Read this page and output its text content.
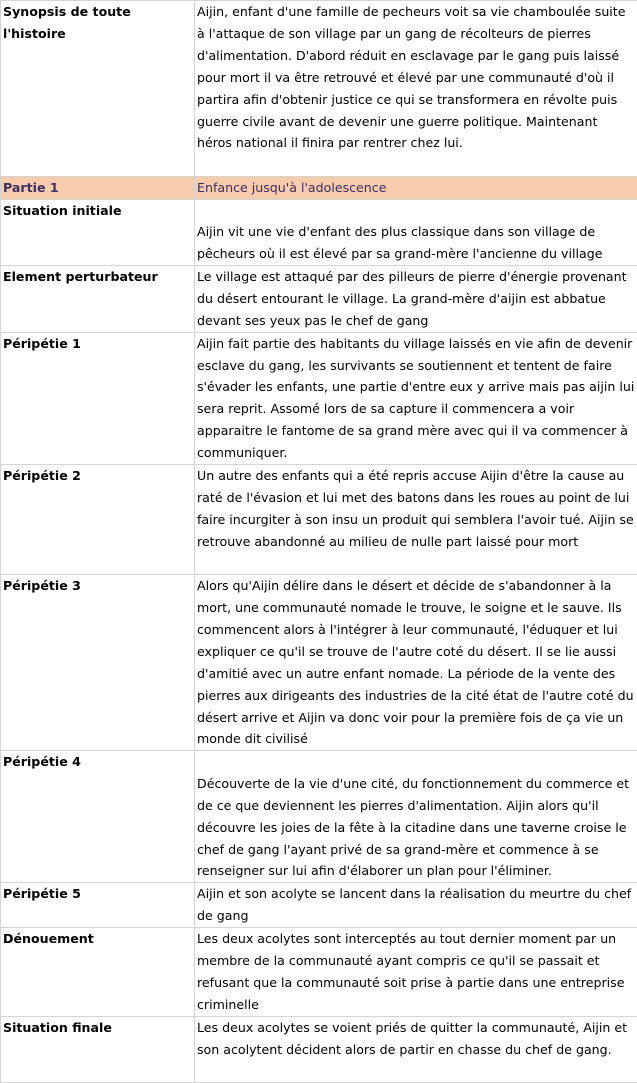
Synopsis de toute l'histoire	Aijin, enfant d'une famille de pecheurs voit sa vie chamboulée suite à l'attaque de son village par un gang de récolteurs de pierres d'alimentation. D'abord réduit en esclavage par le gang puis laissé pour mort il va être retrouvé et élevé par une communauté d'où il partira afin d'obtenir justice ce qui se transformera en révolte puis guerre civile avant de devenir une guerre politique. Maintenant héros national il finira par rentrer chez lui.
Partie 1	Enfance jusqu'à l'adolescence
Situation initiale	Aijin vit une vie d'enfant des plus classique dans son village de pêcheurs où il est élevé par sa grand-mère l'ancienne du village
Element perturbateur	Le village est attaqué par des pilleurs de pierre d'énergie provenant du désert entourant le village. La grand-mère d'aijin est abbatue devant ses yeux pas le chef de gang
Péripétie 1	Aijin fait partie des habitants du village laissés en vie afin de devenir esclave du gang, les survivants se soutiennent et tentent de faire s'évader les enfants, une partie d'entre eux y arrive mais pas aijin lui sera reprit. Assomé lors de sa capture il commencera a voir apparaitre le fantome de sa grand mère avec qui il va commencer à communiquer.
Péripétie 2	Un autre des enfants qui a été repris accuse Aijin d'être la cause au raté de l'évasion et lui met des batons dans les roues au point de lui faire incurgiter à son insu un produit qui semblera l'avoir tué. Aijin se retrouve abandonné au milieu de nulle part laissé pour mort
Péripétie 3	Alors qu'Aijin délire dans le désert et décide de s'abandonner à la mort, une communauté nomade le trouve, le soigne et le sauve. Ils commencent alors à l'intégrer à leur communauté, l'éduquer et lui expliquer ce qu'il se trouve de l'autre coté du désert. Il se lie aussi d'amitié avec un autre enfant nomade. La période de la vente des pierres aux dirigeants des industries de la cité état de l'autre coté du désert arrive et Aijin va donc voir pour la première fois de ça vie un monde dit civilisé
Péripétie 4	Découverte de la vie d'une cité, du fonctionnement du commerce et de ce que deviennent les pierres d'alimentation. Aijin alors qu'il découvre les joies de la fête à la citadine dans une taverne croise le chef de gang l'ayant privé de sa grand-mère et commence à se renseigner sur lui afin d'élaborer un plan pour l'éliminer.
Péripétie 5	Aijin et son acolyte se lancent dans la réalisation du meurtre du chef de gang
Dénouement	Les deux acolytes sont interceptés au tout dernier moment par un membre de la communauté ayant compris ce qu'il se passait et refusant que la communauté soit prise à partie dans une entreprise criminelle
Situation finale	Les deux acolytes se voient priés de quitter la communauté, Aijin et son acolytent décident alors de partir en chasse du chef de gang.
